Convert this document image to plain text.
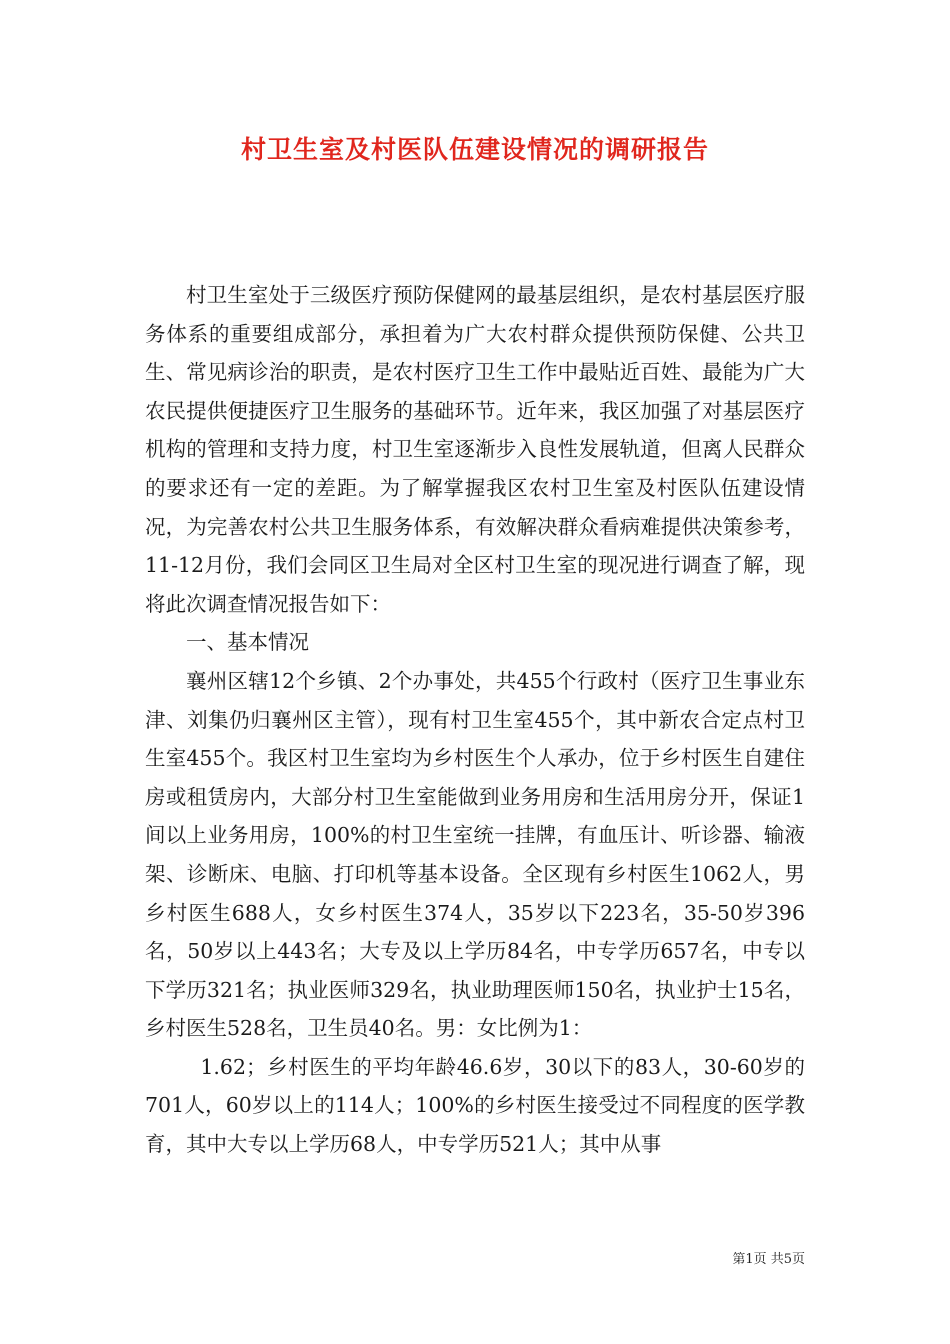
村卫生室及村医队伍建设情况的调研报告

村卫生室处于三级医疗预防保健网的最基层组织，是农村基层医疗服务体系的重要组成部分，承担着为广大农村群众提供预防保健、公共卫生、常见病诊治的职责，是农村医疗卫生工作中最贴近百姓、最能为广大农民提供便捷医疗卫生服务的基础环节。近年来，我区加强了对基层医疗机构的管理和支持力度，村卫生室逐渐步入良性发展轨道，但离人民群众的要求还有一定的差距。为了解掌握我区农村卫生室及村医队伍建设情况，为完善农村公共卫生服务体系，有效解决群众看病难提供决策参考，11-12月份，我们会同区卫生局对全区村卫生室的现况进行调查了解，现将此次调查情况报告如下：

一、基本情况

襄州区辖12个乡镇、2个办事处，共455个行政村（医疗卫生事业东津、刘集仍归襄州区主管），现有村卫生室455个，其中新农合定点村卫生室455个。我区村卫生室均为乡村医生个人承办，位于乡村医生自建住房或租赁房内，大部分村卫生室能做到业务用房和生活用房分开，保证1间以上业务用房，100%的村卫生室统一挂牌，有血压计、听诊器、输液架、诊断床、电脑、打印机等基本设备。全区现有乡村医生1062人，男乡村医生688人，女乡村医生374人，35岁以下223名，35-50岁396名，50岁以上443名；大专及以上学历84名，中专学历657名，中专以下学历321名；执业医师329名，执业助理医师150名，执业护士15名，乡村医生528名，卫生员40名。男：女比例为1：

1.62；乡村医生的平均年龄46.6岁，30以下的83人，30-60岁的701人，60岁以上的114人；100%的乡村医生接受过不同程度的医学教育，其中大专以上学历68人，中专学历521人；其中从事

第1页 共5页
